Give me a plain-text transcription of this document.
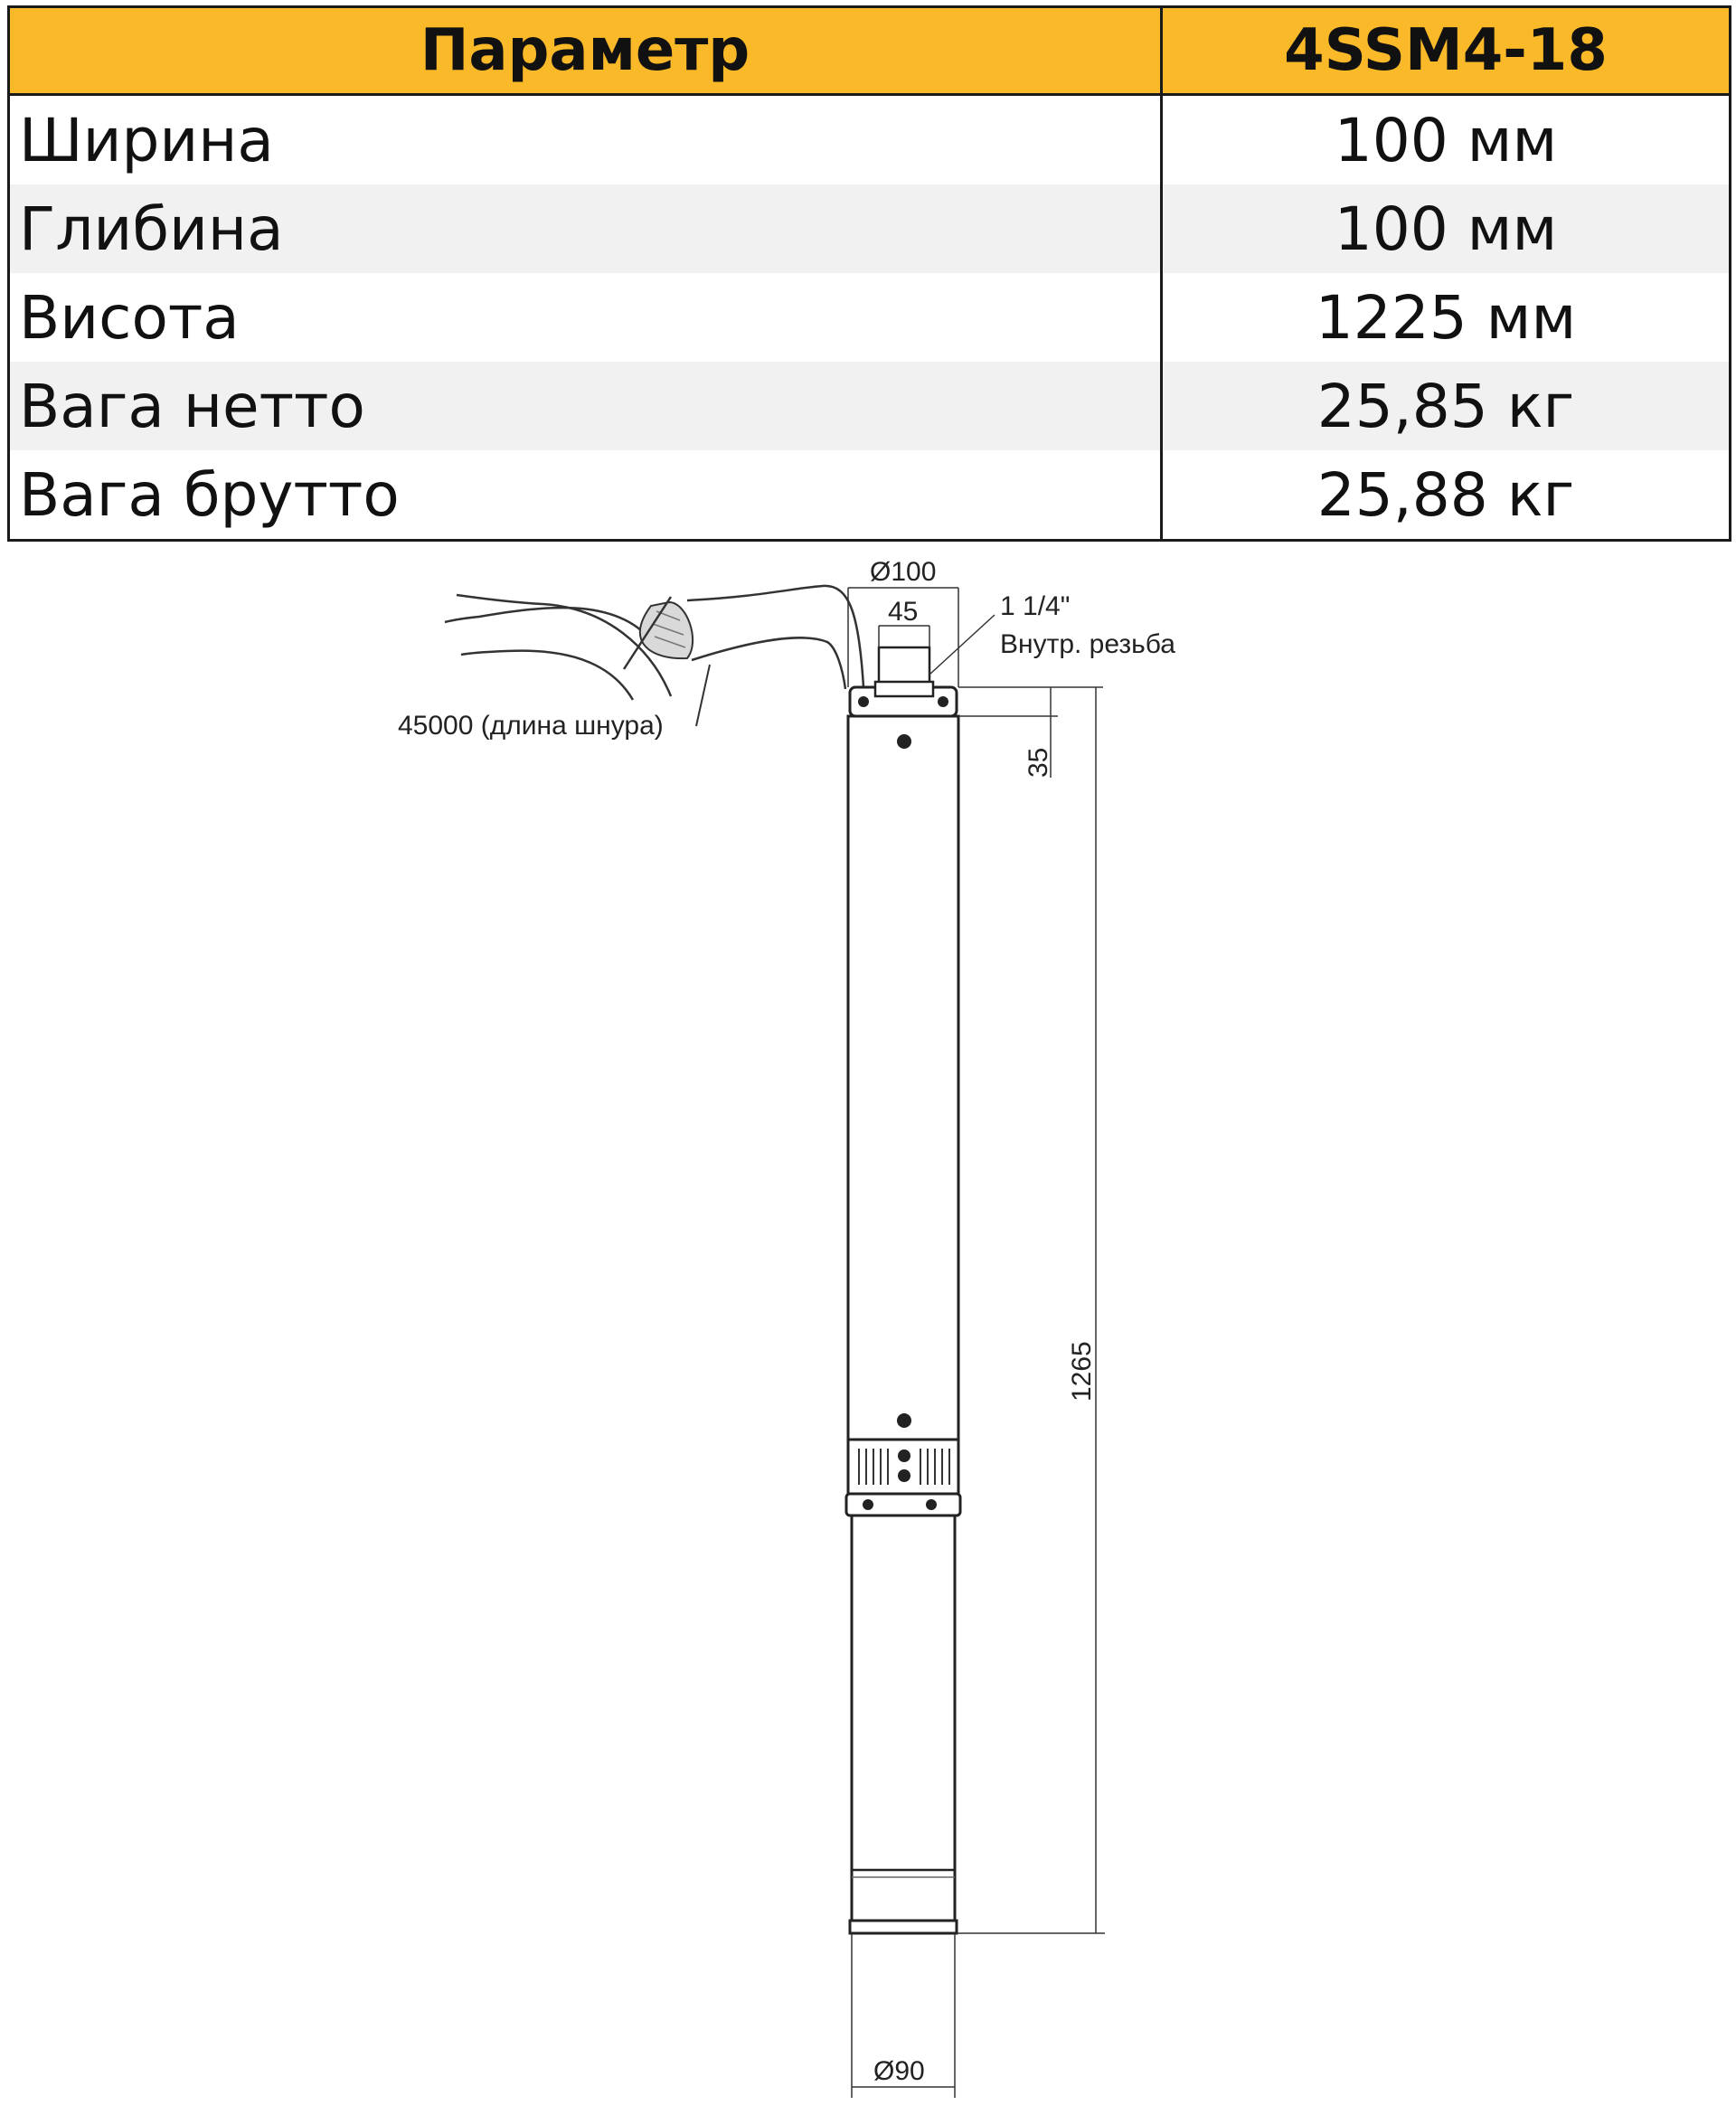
Параметр	4SSM4-18
Ширина	100 мм
Глибина	100 мм
Висота	1225 мм
Вага нетто	25,85 кг
Вага брутто	25,88 кг
45000 (длина шнура)
Ø100
45	1 1/4"
Внутр. резьба
35
1265
Ø90
